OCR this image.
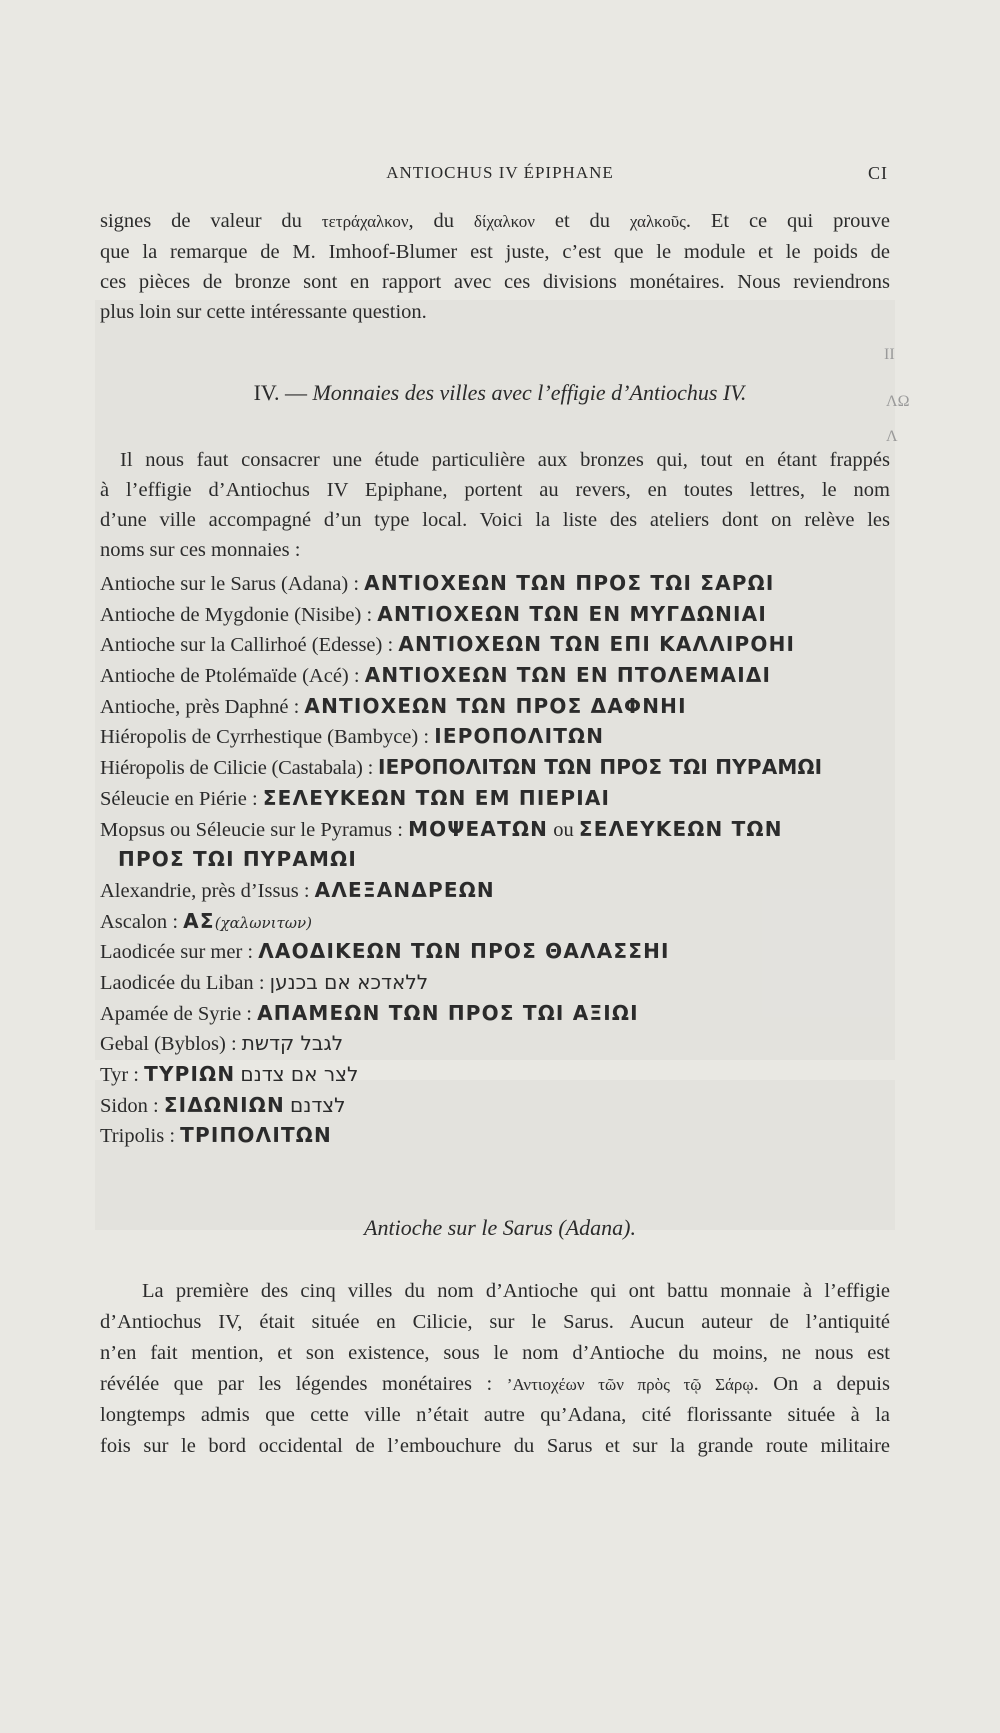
ANTIOCHUS IV ÉPIPHANE	CI
signes de valeur du τετράχαλκον, du δίχαλκον et du χαλκοῦς. Et ce qui prouve
que la remarque de M. Imhoof-Blumer est juste, c’est que le module et le poids de
ces pièces de bronze sont en rapport avec ces divisions monétaires. Nous reviendrons
plus loin sur cette intéressante question.
IV. — Monnaies des villes avec l’effigie d’Antiochus IV.
Il nous faut consacrer une étude particulière aux bronzes qui, tout en étant frappés
à l’effigie d’Antiochus IV Epiphane, portent au revers, en toutes lettres, le nom
d’une ville accompagné d’un type local. Voici la liste des ateliers dont on relève les
noms sur ces monnaies :
Antioche sur le Sarus (Adana) : ΑΝΤΙΟΧΕΩΝ ΤΩΝ ΠΡΟΣ ΤΩΙ ΣΑΡΩΙ
Antioche de Mygdonie (Nisibe) : ΑΝΤΙΟΧΕΩΝ ΤΩΝ ΕΝ ΜΥΓΔΩΝΙΑΙ
Antioche sur la Callirhoé (Edesse) : ΑΝΤΙΟΧΕΩΝ ΤΩΝ ΕΠΙ ΚΑΛΛΙΡΟΗΙ
Antioche de Ptolémaïde (Acé) : ΑΝΤΙΟΧΕΩΝ ΤΩΝ ΕΝ ΠΤΟΛΕΜΑΙΔΙ
Antioche, près Daphné : ΑΝΤΙΟΧΕΩΝ ΤΩΝ ΠΡΟΣ ΔΑΦΝΗΙ
Hiéropolis de Cyrrhestique (Bambyce) : ΙΕΡΟΠΟΛΙΤΩΝ
Hiéropolis de Cilicie (Castabala) : ΙΕΡΟΠΟΛΙΤΩΝ ΤΩΝ ΠΡΟΣ ΤΩΙ ΠΥΡΑΜΩΙ
Séleucie en Piérie : ΣΕΛΕΥΚΕΩΝ ΤΩΝ ΕΜ ΠΙΕΡΙΑΙ
Mopsus ou Séleucie sur le Pyramus : ΜΟΨΕΑΤΩΝ ou ΣΕΛΕΥΚΕΩΝ ΤΩΝ
ΠΡΟΣ ΤΩΙ ΠΥΡΑΜΩΙ
Alexandrie, près d’Issus : ΑΛΕΞΑΝΔΡΕΩΝ
Ascalon : ΑΣ(χαλωνιτων)
Laodicée sur mer : ΛΑΟΔΙΚΕΩΝ ΤΩΝ ΠΡΟΣ ΘΑΛΑΣΣΗΙ
Laodicée du Liban : ללאדכא אם בכנען
Apamée de Syrie : ΑΠΑΜΕΩΝ ΤΩΝ ΠΡΟΣ ΤΩΙ ΑΞΙΩΙ
Gebal (Byblos) : לגבל קדשת
Tyr : ΤΥΡΙΩΝ לצר אם צדנם
Sidon : ΣΙΔΩΝΙΩΝ לצדנם
Tripolis : ΤΡΙΠΟΛΙΤΩΝ
Antioche sur le Sarus (Adana).
La première des cinq villes du nom d’Antioche qui ont battu monnaie à l’effigie
d’Antiochus IV, était située en Cilicie, sur le Sarus. Aucun auteur de l’antiquité
n’en fait mention, et son existence, sous le nom d’Antioche du moins, ne nous est
révélée que par les légendes monétaires : ’Αντιοχέων τῶν πρὸς τῷ Σάρῳ. On a depuis
longtemps admis que cette ville n’était autre qu’Adana, cité florissante située à la
fois sur le bord occidental de l’embouchure du Sarus et sur la grande route militaire
II
ΛΩ
Λ
